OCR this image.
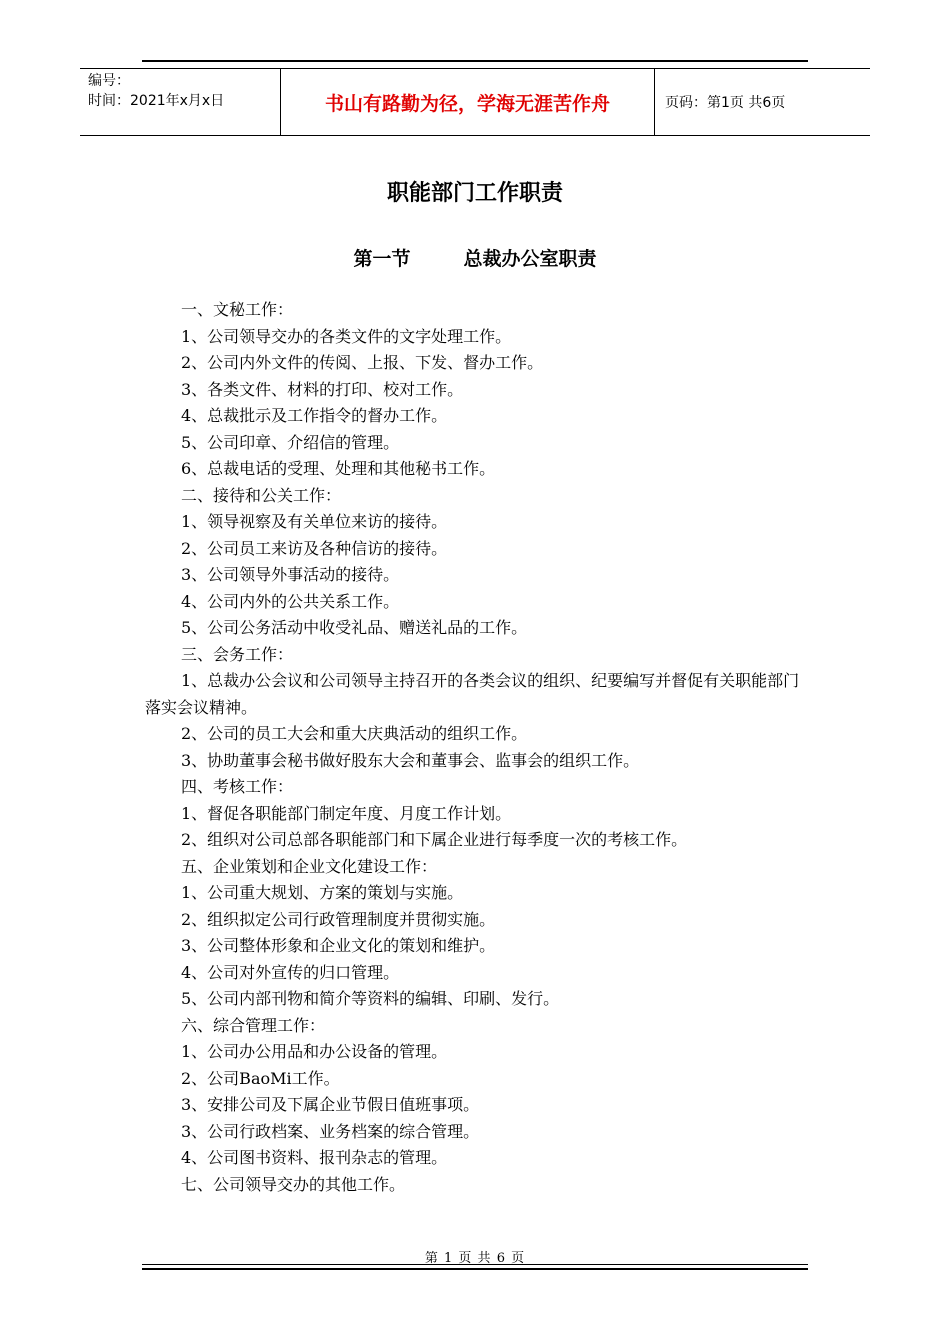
编号：
时间：2021年x月x日	书山有路勤为径，学海无涯苦作舟	页码：第1页 共6页
职能部门工作职责
第一节        总裁办公室职责

一、文秘工作：

1、公司领导交办的各类文件的文字处理工作。

2、公司内外文件的传阅、上报、下发、督办工作。

3、各类文件、材料的打印、校对工作。

4、总裁批示及工作指令的督办工作。

5、公司印章、介绍信的管理。

6、总裁电话的受理、处理和其他秘书工作。

二、接待和公关工作：

1、领导视察及有关单位来访的接待。

2、公司员工来访及各种信访的接待。

3、公司领导外事活动的接待。

4、公司内外的公共关系工作。

5、公司公务活动中收受礼品、赠送礼品的工作。

三、会务工作：

1、总裁办公会议和公司领导主持召开的各类会议的组织、纪要编写并督促有关职能部门落实会议精神。

2、公司的员工大会和重大庆典活动的组织工作。

3、协助董事会秘书做好股东大会和董事会、监事会的组织工作。

四、考核工作：

1、督促各职能部门制定年度、月度工作计划。

2、组织对公司总部各职能部门和下属企业进行每季度一次的考核工作。

五、企业策划和企业文化建设工作：

1、公司重大规划、方案的策划与实施。

2、组织拟定公司行政管理制度并贯彻实施。

3、公司整体形象和企业文化的策划和维护。

4、公司对外宣传的归口管理。

5、公司内部刊物和简介等资料的编辑、印刷、发行。

六、综合管理工作：

1、公司办公用品和办公设备的管理。

2、公司BaoMi工作。

3、安排公司及下属企业节假日值班事项。

3、公司行政档案、业务档案的综合管理。

4、公司图书资料、报刊杂志的管理。

七、公司领导交办的其他工作。

第 1 页 共 6 页
